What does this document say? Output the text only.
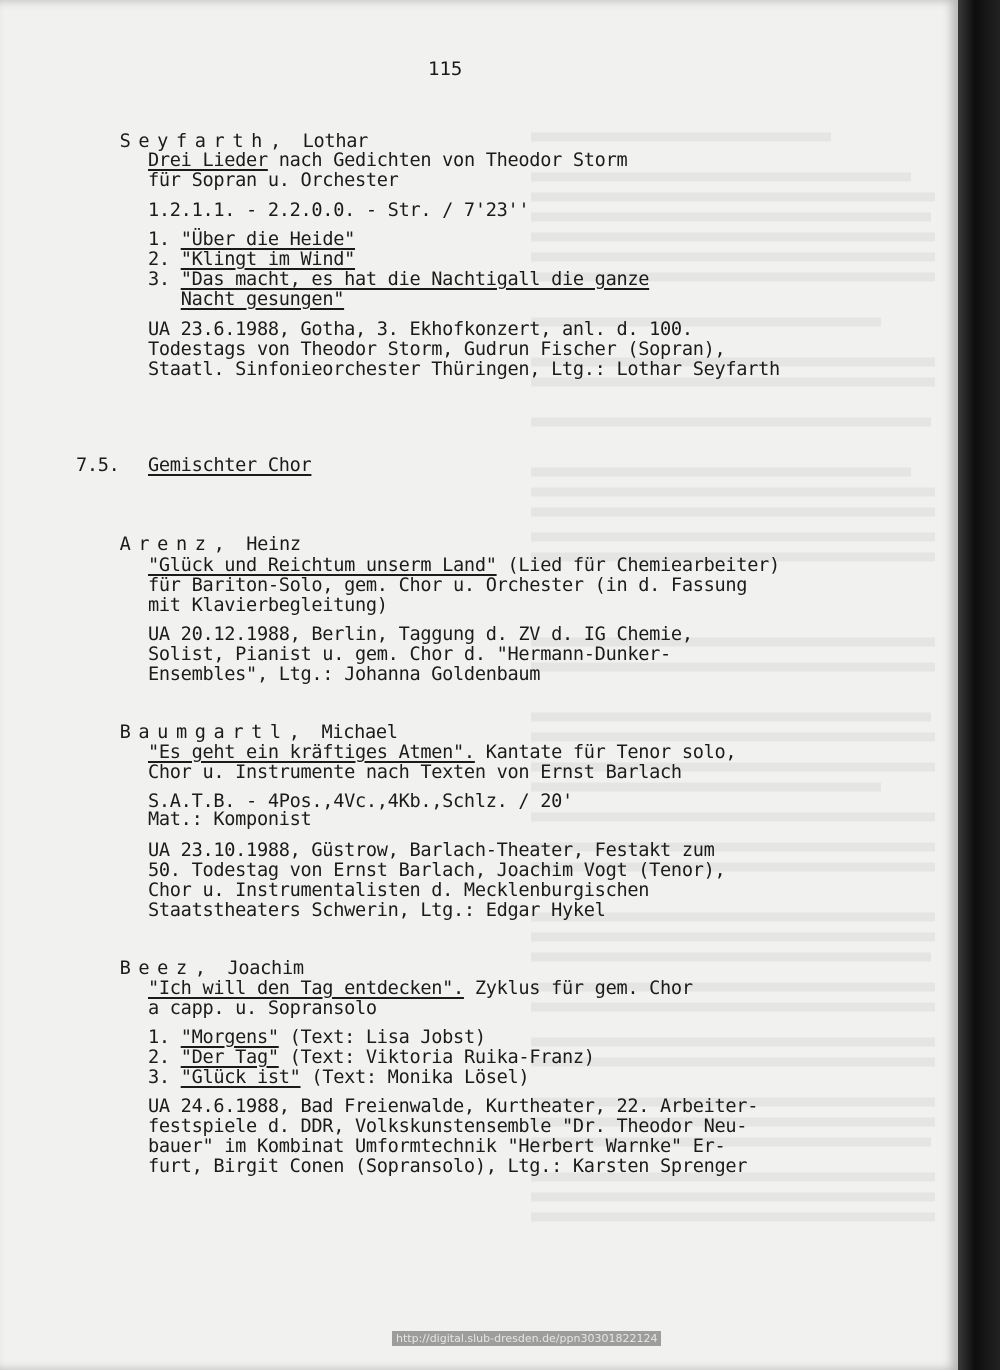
115

Seyfarth, Lothar

Drei Lieder nach Gedichten von Theodor Storm
für Sopran u. Orchester
1.2.1.1. - 2.2.0.0. - Str. / 7'23''
1. "Über die Heide"
2. "Klingt im Wind"
3. "Das macht, es hat die Nachtigall die ganze
Nacht gesungen"
UA 23.6.1988, Gotha, 3. Ekhofkonzert, anl. d. 100.
Todestags von Theodor Storm, Gudrun Fischer (Sopran),
Staatl. Sinfonieorchester Thüringen, Ltg.: Lothar Seyfarth
7.5. Gemischter Chor

Arenz, Heinz

"Glück und Reichtum unserm Land" (Lied für Chemiearbeiter)
für Bariton-Solo, gem. Chor u. Orchester (in d. Fassung
mit Klavierbegleitung)
UA 20.12.1988, Berlin, Taggung d. ZV d. IG Chemie,
Solist, Pianist u. gem. Chor d. "Hermann-Dunker-
Ensembles", Ltg.: Johanna Goldenbaum

Baumgartl, Michael

"Es geht ein kräftiges Atmen". Kantate für Tenor solo,
Chor u. Instrumente nach Texten von Ernst Barlach
S.A.T.B. - 4Pos.,4Vc.,4Kb.,Schlz. / 20'
Mat.: Komponist
UA 23.10.1988, Güstrow, Barlach-Theater, Festakt zum
50. Todestag von Ernst Barlach, Joachim Vogt (Tenor),
Chor u. Instrumentalisten d. Mecklenburgischen
Staatstheaters Schwerin, Ltg.: Edgar Hykel

Beez, Joachim

"Ich will den Tag entdecken". Zyklus für gem. Chor
a capp. u. Sopransolo
1. "Morgens" (Text: Lisa Jobst)
2. "Der Tag" (Text: Viktoria Ruika-Franz)
3. "Glück ist" (Text: Monika Lösel)
UA 24.6.1988, Bad Freienwalde, Kurtheater, 22. Arbeiter-
festspiele d. DDR, Volkskunstensemble "Dr. Theodor Neu-
bauer" im Kombinat Umformtechnik "Herbert Warnke" Er-
furt, Birgit Conen (Sopransolo), Ltg.: Karsten Sprenger
http://digital.slub-dresden.de/ppn30301822124
